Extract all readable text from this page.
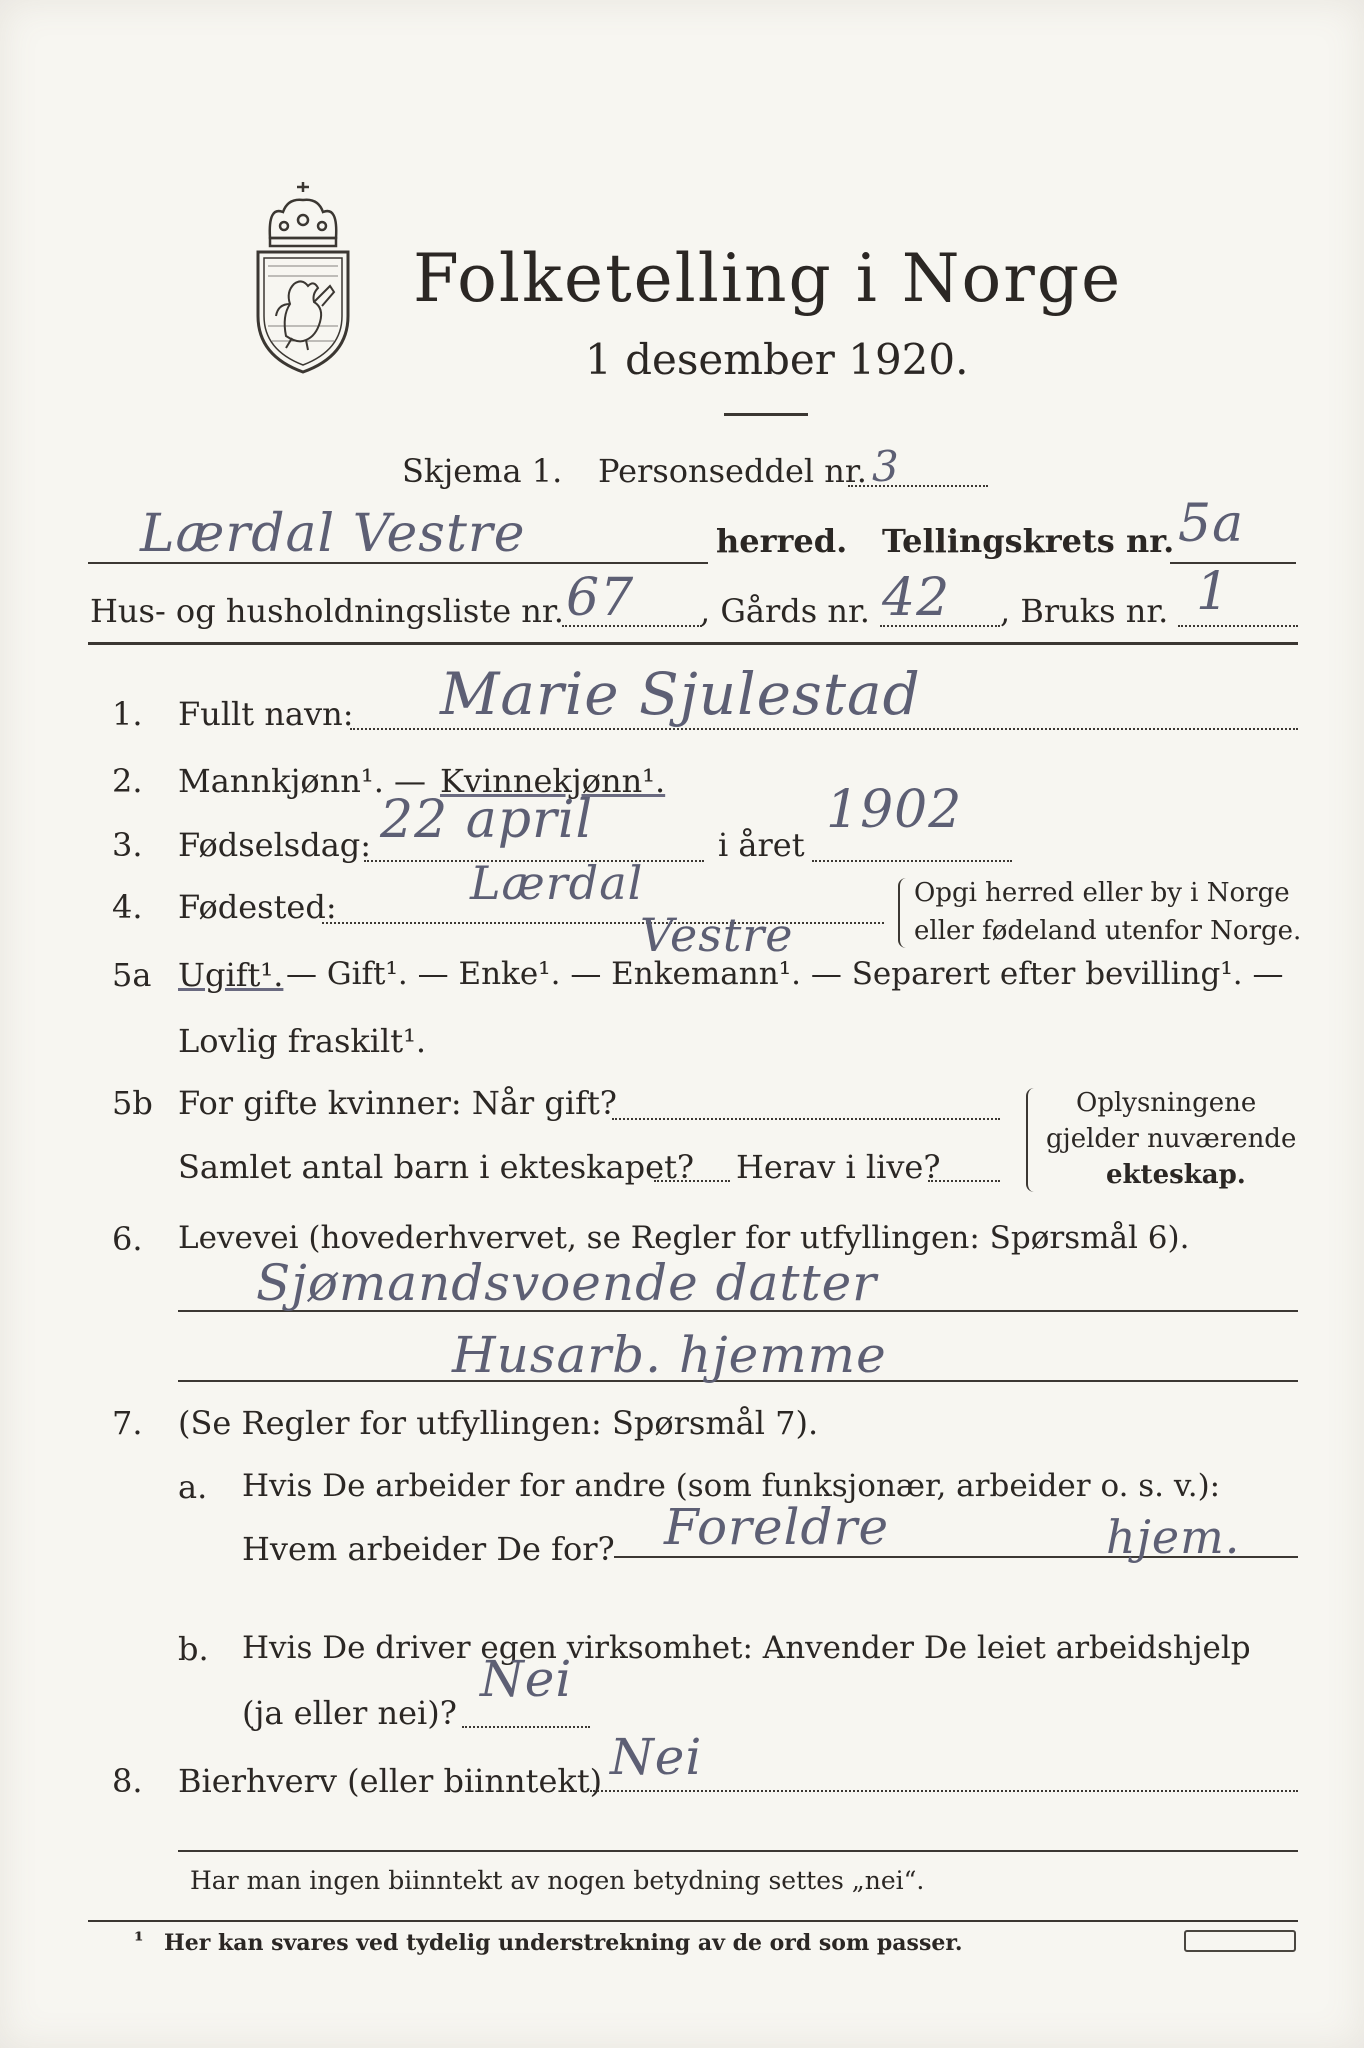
Folketelling i Norge
1 desember 1920.
Skjema 1. Personseddel nr. 3
Lærdal Vestre	herred. Tellingskrets nr. 5a
Hus- og husholdningsliste nr. 67 , Gårds nr. 42 , Bruks nr. 1
1. Fullt navn: Marie Sjulestad
2. Mannkjønn¹. — Kvinnekjønn¹.
3. Fødselsdag: 22 april	i året
1902
4. Fødested:	Lærdal
Vestre
Opgi herred eller by i Norge
eller fødeland utenfor Norge.
5a Ugift¹. — Gift¹. — Enke¹. — Enkemann¹. — Separert efter bevilling¹. —
Lovlig fraskilt¹.
5b For gifte kvinner: Når gift?
Samlet antal barn i ekteskapet? Herav i live?
Oplysningene
gjelder nuværende
ekteskap.
6. Levevei (hovederhvervet, se Regler for utfyllingen: Spørsmål 6).
Sjømandsvoende datter
Husarb. hjemme
7. (Se Regler for utfyllingen: Spørsmål 7).
a. Hvis De arbeider for andre (som funksjonær, arbeider o. s. v.):
Hvem arbeider De for? Foreldre	hjem.
b. Hvis De driver egen virksomhet: Anvender De leiet arbeidshjelp
(ja eller nei)?
Nei
8. Bierhverv (eller biinntekt) Nei
Har man ingen biinntekt av nogen betydning settes „nei“.
¹ Her kan svares ved tydelig understrekning av de ord som passer.
